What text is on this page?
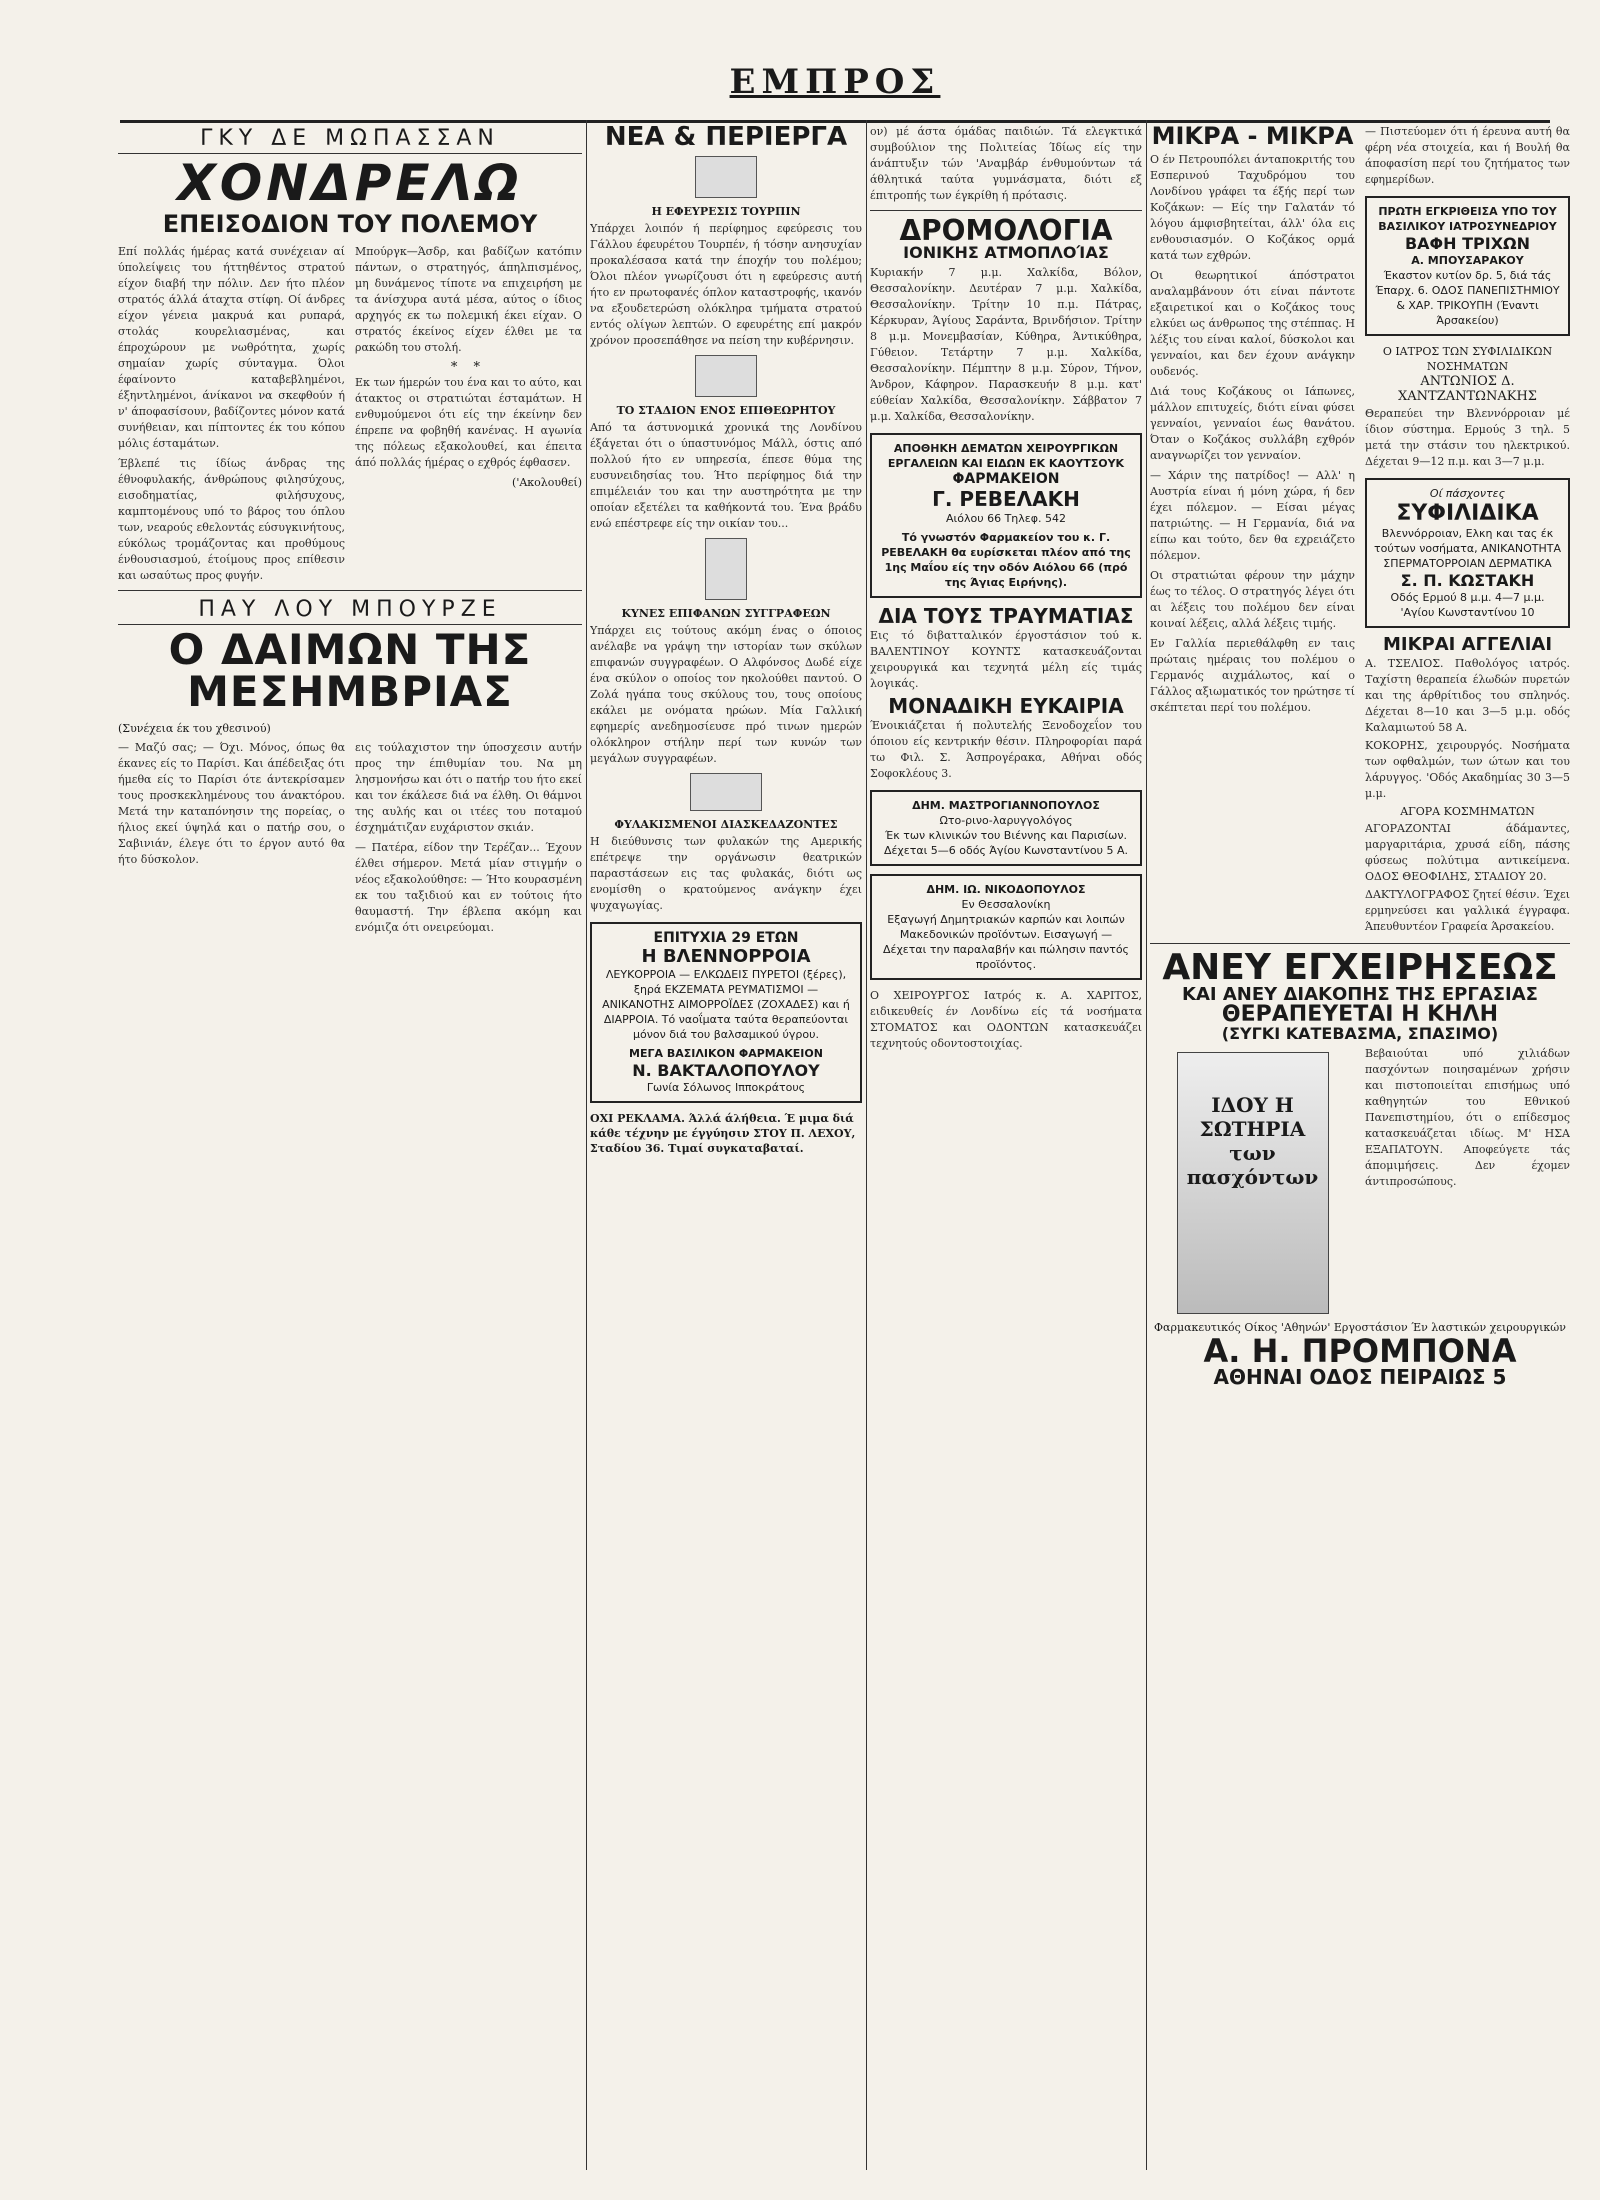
ΕΜΠΡΟΣ
ΓΚΥ ΔΕ ΜΩΠΑΣΣΑΝ
ΧΟΝΔΡΕΛΩ
ΕΠΕΙΣΟΔΙΟΝ ΤΟΥ ΠΟΛΕΜΟΥ

Επί πολλάς ήμέρας κατά συνέχειαν αί ύπολείψεις του ήττηθέντος στρατού είχον διαβή την πόλιν. Δεν ήτο πλέον στρατός άλλά άταχτα στίφη. Οί άνδρες είχον γένεια μακρυά και ρυπαρά, στολάς κουρελιασμένας, και έπροχώρουν με νωθρότητα, χωρίς σημαίαν χωρίς σύνταγμα. Όλοι έφαίνοντο καταβεβλημένοι, έξηντλημένοι, άνίκανοι να σκεφθούν ή ν' άποφασίσουν, βαδίζοντες μόνον κατά συνήθειαν, και πίπτοντες έκ του κόπου μόλις έσταμάτων.

Έβλεπέ τις ίδίως άνδρας της έθνοφυλακής, άνθρώπους φιλησύχους, εισοδηματίας, φιλήσυχους, καμπτομένους υπό το βάρος του όπλου των, νεαρούς εθελοντάς εύσυγκινήτους, εύκόλως τρομάζοντας και προθύμους ένθουσιασμού, έτοίμους προς επίθεσιν και ωσαύτως προς φυγήν.

Μπούργκ—Άσδρ, και βαδίζων κατόπιν πάντων, ο στρατηγός, άπηλπισμένος, μη δυνάμενος τίποτε να επιχειρήση με τα άνίσχυρα αυτά μέσα, αύτος ο ίδιος αρχηγός εκ τω πολεμική έκει είχαν. Ο στρατός έκείνος είχεν έλθει με τα ρακώδη του στολή.

* *

Εκ των ήμερών του ένα και το αύτο, και άτακτος οι στρατιώται έσταμάτων. Η ενθυμούμενοι ότι είς την έκείνην δεν έπρεπε να φοβηθή κανένας. Η αγωνία της πόλεως εξακολουθεί, και έπειτα άπό πολλάς ήμέρας ο εχθρός έφθασεν.

('Ακολουθεί)

ΠΑΥ ΛΟΥ ΜΠΟΥΡΖΕ
Ο ΔΑΙΜΩΝ ΤΗΣ ΜΕΣΗΜΒΡΙΑΣ

(Συνέχεια έκ του χθεσινού)

— Μαζύ σας; — Όχι. Μόνος, όπως θα έκανες είς το Παρίσι. Και άπέδειξας ότι ήμεθα είς το Παρίσι ότε άντεκρίσαμεν τους προσκεκλημένους του άνακτόρου. Μετά την καταπόνησιν της πορείας, ο ήλιος εκεί ύψηλά και ο πατήρ σου, ο Σαβινιάν, έλεγε ότι το έργον αυτό θα ήτο δύσκολον.

εις τούλαχιστον την ύποσχεσιν αυτήν προς την έπιθυμίαν του. Να μη λησμονήσω και ότι ο πατήρ του ήτο εκεί και τον έκάλεσε διά να έλθη. Οι θάμνοι της αυλής και οι ιτέες του ποταμού έσχημάτιζαν ευχάριστον σκιάν.

— Πατέρα, είδον την Τερέζαν... Έχουν έλθει σήμερον. Μετά μίαν στιγμήν ο νέος εξακολούθησε: — Ήτο κουρασμένη εκ του ταξιδιού και εν τούτοις ήτο θαυμαστή. Την έβλεπα ακόμη και ενόμιζα ότι ονειρεύομαι.

ΝΕΑ & ΠΕΡΙΕΡΓΑ
Η ΕΦΕΥΡΕΣΙΣ ΤΟΥΡΠΙΝ

Υπάρχει λοιπόν ή περίφημος εφεύρεσις του Γάλλου έφευρέτου Τουρπέν, ή τόσην ανησυχίαν προκαλέσασα κατά την έποχήν του πολέμου; Όλοι πλέον γνωρίζουσι ότι η εφεύρεσις αυτή ήτο εν πρωτοφανές όπλον καταστροφής, ικανόν να εξουδετερώση ολόκληρα τμήματα στρατού εντός ολίγων λεπτών. Ο εφευρέτης επί μακρόν χρόνον προσεπάθησε να πείση την κυβέρνησιν.

ΤΟ ΣΤΑΔΙΟΝ ΕΝΟΣ ΕΠΙΘΕΩΡΗΤΟΥ

Από τα άστυνομικά χρονικά της Λονδίνου έξάγεται ότι ο ύπαστυνόμος Μάλλ, όστις από πολλού ήτο εν υπηρεσία, έπεσε θύμα της ευσυνειδησίας του. Ήτο περίφημος διά την επιμέλειάν του και την αυστηρότητα με την οποίαν εξετέλει τα καθήκοντά του. Ένα βράδυ ενώ επέστρεφε είς την οικίαν του...

ΚΥΝΕΣ ΕΠΙΦΑΝΩΝ ΣΥΓΓΡΑΦΕΩΝ

Υπάρχει εις τούτους ακόμη ένας ο όποιος ανέλαβε να γράψη την ιστορίαν των σκύλων επιφανών συγγραφέων. Ο Αλφόνσος Δωδέ είχε ένα σκύλον ο οποίος τον ηκολούθει παντού. Ο Ζολά ηγάπα τους σκύλους του, τους οποίους εκάλει με ονόματα ηρώων. Μία Γαλλική εφημερίς ανεδημοσίευσε πρό τινων ημερών ολόκληρον στήλην περί των κυνών των μεγάλων συγγραφέων.

ΦΥΛΑΚΙΣΜΕΝΟΙ ΔΙΑΣΚΕΔΑΖΟΝΤΕΣ

Η διεύθυνσις των φυλακών της Αμερικής επέτρεψε την οργάνωσιν θεατρικών παραστάσεων εις τας φυλακάς, διότι ως ενομίσθη ο κρατούμενος ανάγκην έχει ψυχαγωγίας.

ΕΠΙΤΥΧΙΑ 29 ΕΤΩΝ
Η ΒΛΕΝΝΟΡΡΟΙΑ
ΛΕΥΚΟΡΡΟΙΑ — ΕΛΚΩΔΕΙΣ ΠΥΡΕΤΟΙ (ξέρες), ξηρά ΕΚΖΕΜΑΤΑ ΡΕΥΜΑΤΙΣΜΟΙ — ΑΝΙΚΑΝΟΤΗΣ ΑΙΜΟΡΡΟΪΔΕΣ (ΖΟΧΑΔΕΣ) και ή ΔΙΑΡΡΟΙΑ. Τό ναοΐματα ταύτα θεραπεύονται μόνον διά του βαλσαμικού ύγρου.
ΜΕΓΑ ΒΑΣΙΛΙΚΟΝ ΦΑΡΜΑΚΕΙΟΝ
Ν. ΒΑΚΤΑΛΟΠΟΥΛΟΥ
Γωνία Σόλωνος Ιπποκράτους

ΟΧΙ ΡΕΚΛΑΜΑ. Άλλά άλήθεια. Έ μιμα διά κάθε τέχνην με έγγύησιν ΣΤΟΥ Π. ΛΕΧΟΥ, Σταδίου 36. Τιμαί συγκαταβαταί.

ον) μέ άστα όμάδας παιδιών. Τά ελεγκτικά συμβούλιον της Πολιτείας Ίδίως είς την άνάπτυξιν τών 'Αναμβάρ ένθυμούντων τά άθλητικά ταύτα γυμνάσματα, διότι εξ έπιτροπής των έγκρίθη ή πρότασις.

ΔΡΟΜΟΛΟΓΙΑ
ΙΟΝΙΚΗΣ ΑΤΜΟΠΛΟΊΑΣ

Κυριακήν 7 μ.μ. Χαλκίδα, Βόλον, Θεσσαλονίκην. Δευτέραν 7 μ.μ. Χαλκίδα, Θεσσαλονίκην. Τρίτην 10 π.μ. Πάτρας, Κέρκυραν, Άγίους Σαράντα, Βρινδήσιον. Τρίτην 8 μ.μ. Μονεμβασίαν, Κύθηρα, Άντικύθηρα, Γύθειον. Τετάρτην 7 μ.μ. Χαλκίδα, Θεσσαλονίκην. Πέμπτην 8 μ.μ. Σύρον, Τήνον, Άνδρον, Κάφηρον. Παρασκευήν 8 μ.μ. κατ' εύθείαν Χαλκίδα, Θεσσαλονίκην. Σάββατον 7 μ.μ. Χαλκίδα, Θεσσαλονίκην.

ΑΠΟΘΗΚΗ ΔΕΜΑΤΩΝ ΧΕΙΡΟΥΡΓΙΚΩΝ ΕΡΓΑΛΕΙΩΝ ΚΑΙ ΕΙΔΩΝ ΕΚ ΚΑΟΥΤΣΟΥΚ
ΦΑΡΜΑΚΕΙΟΝ
Γ. ΡΕΒΕΛΑΚΗ
Αιόλου 66 Τηλεφ. 542
Τό γνωστόν Φαρμακείον του κ. Γ. ΡΕΒΕΛΑΚΗ θα ευρίσκεται πλέον από της 1ης Μαΐου είς την οδόν Αιόλου 66 (πρό της Άγιας Ειρήνης).
ΔΙΑ ΤΟΥΣ ΤΡΑΥΜΑΤΙΑΣ

Εις τό διβατταλικόν έργοστάσιον τού κ. ΒΑΛΕΝΤΙΝΟΥ ΚΟΥΝΤΣ κατασκευάζονται χειρουργικά και τεχνητά μέλη είς τιμάς λογικάς.

ΜΟΝΑΔΙΚΗ ΕΥΚΑΙΡΙΑ

Ένοικιάζεται ή πολυτελής Ξενοδοχεΐον του όποιου είς κεντρικήν θέσιν. Πληροφορίαι παρά τω Φιλ. Σ. Άσπρογέρακα, Αθήναι οδός Σοφοκλέους 3.

ΔΗΜ. ΜΑΣΤΡΟΓΙΑΝΝΟΠΟΥΛΟΣ
Ωτο-ρινο-λαρυγγολόγος
Έκ των κλινικών του Βιέννης και Παρισίων. Δέχεται 5—6 οδός Άγίου Κωνσταντίνου 5 Α.
ΔΗΜ. ΙΩ. ΝΙΚΟΔΟΠΟΥΛΟΣ
Εν Θεσσαλονίκη
Εξαγωγή Δημητριακών καρπών και λοιπών Μακεδονικών προϊόντων. Εισαγωγή — Δέχεται την παραλαβήν και πώλησιν παντός προϊόντος.

Ο ΧΕΙΡΟΥΡΓΟΣ Ιατρός κ. Α. ΧΑΡΙΤΟΣ, ειδικευθείς έν Λονδίνω είς τά νοσήματα ΣΤΟΜΑΤΟΣ και ΟΔΟΝΤΩΝ κατασκευάζει τεχνητούς οδοντοστοιχίας.

ΜΙΚΡΑ - ΜΙΚΡΑ

Ο έν Πετρουπόλει άνταποκριτής του Εσπερινού Ταχυδρόμου του Λονδίνου γράφει τα έξής περί των Κοζάκων: — Είς την Γαλατάν τό λόγου άμφισβητείται, άλλ' όλα εις ενθουσιασμόν. Ο Κοζάκος ορμά κατά των εχθρών.

Οι θεωρητικοί άπόστρατοι αναλαμβάνουν ότι είναι πάντοτε εξαιρετικοί και ο Κοζάκος τους ελκύει ως άνθρωπος της στέππας. Η λέξις του είναι καλοί, δύσκολοι και γενναίοι, και δεν έχουν ανάγκην ουδενός.

Διά τους Κοζάκους οι Ιάπωνες, μάλλον επιτυχείς, διότι είναι φύσει γενναίοι, γενναίοι έως θανάτου. Όταν ο Κοζάκος συλλάβη εχθρόν αναγνωρίζει τον γενναίον.

— Χάριν της πατρίδος! — Αλλ' η Αυστρία είναι ή μόνη χώρα, ή δεν έχει πόλεμον. — Είσαι μέγας πατριώτης. — Η Γερμανία, διά να είπω και τούτο, δεν θα εχρειάζετο πόλεμον.

Οι στρατιώται φέρουν την μάχην έως το τέλος. Ο στρατηγός λέγει ότι αι λέξεις του πολέμου δεν είναι κοιναί λέξεις, αλλά λέξεις τιμής.

Εν Γαλλία περιεθάλφθη εν ταις πρώταις ημέραις του πολέμου ο Γερμανός αιχμάλωτος, καί ο Γάλλος αξιωματικός τον ηρώτησε τί σκέπτεται περί του πολέμου.

— Πιστεύομεν ότι ή έρευνα αυτή θα φέρη νέα στοιχεία, και ή Βουλή θα άποφασίση περί του ζητήματος των εφημερίδων.

ΠΡΩΤΗ ΕΓΚΡΙΘΕΙΣΑ ΥΠΟ ΤΟΥ ΒΑΣΙΛΙΚΟΥ ΙΑΤΡΟΣΥΝΕΔΡΙΟΥ
ΒΑΦΗ ΤΡΙΧΩΝ
Α. ΜΠΟΥΣΑΡΑΚΟΥ
Έκαστον κυτίον δρ. 5, διά τάς Έπαρχ. 6. ΟΔΟΣ ΠΑΝΕΠΙΣΤΗΜΙΟΥ & ΧΑΡ. ΤΡΙΚΟΥΠΗ (Έναντι Άρσακείου)
Ο ΙΑΤΡΟΣ ΤΩΝ ΣΥΦΙΛΙΔΙΚΩΝ ΝΟΣΗΜΑΤΩΝ
ΑΝΤΩΝΙΟΣ Δ. ΧΑΝΤΖΑΝΤΩΝΑΚΗΣ

Θεραπεύει την Βλεννόρροιαν μέ ίδιον σύστημα. Ερμούς 3 τηλ. 5 μετά την στάσιν του ηλεκτρικού. Δέχεται 9—12 π.μ. και 3—7 μ.μ.

Οί πάσχοντες
ΣΥΦΙΛΙΔΙΚΑ
Βλεννόρροιαν, Ελκη και τας έκ τούτων νοσήματα, ΑΝΙΚΑΝΟΤΗΤΑ ΣΠΕΡΜΑΤΟΡΡΟΙΑΝ ΔΕΡΜΑΤΙΚΑ
Σ. Π. ΚΩΣΤΑΚΗ
Οδός Ερμού 8 μ.μ. 4—7 μ.μ. 'Αγίου Κωνσταντίνου 10
ΜΙΚΡΑΙ ΑΓΓΕΛΙΑΙ

Α. ΤΣΕΛΙΟΣ. Παθολόγος ιατρός. Ταχίστη θεραπεία έλωδών πυρετών και της άρθρίτιδος του σπληνός. Δέχεται 8—10 και 3—5 μ.μ. οδός Καλαμιωτού 58 Α.

ΚΟΚΟΡΗΣ, χειρουργός. Νοσήματα των οφθαλμών, των ώτων και του λάρυγγος. 'Οδός Ακαδημίας 30 3—5 μ.μ.

ΑΓΟΡΑ ΚΟΣΜΗΜΑΤΩΝ

ΑΓΟΡΑΖΟΝΤΑΙ άδάμαντες, μαργαριτάρια, χρυσά είδη, πάσης φύσεως πολύτιμα αντικείμενα. ΟΔΟΣ ΘΕΟΦΙΛΗΣ, ΣΤΑΔΙΟΥ 20.

ΔΑΚΤΥΛΟΓΡΑΦΟΣ ζητεί θέσιν. Έχει ερμηνεύσει και γαλλικά έγγραφα. Άπευθυντέον Γραφεία Άρσακείου.

ΑΝΕΥ ΕΓΧΕΙΡΗΣΕΩΣ
ΚΑΙ ΑΝΕΥ ΔΙΑΚΟΠΗΣ ΤΗΣ ΕΡΓΑΣΙΑΣ
ΘΕΡΑΠΕΥΕΤΑΙ Η ΚΗΛΗ
(ΣΥΓΚΙ ΚΑΤΕΒΑΣΜΑ, ΣΠΑΣΙΜΟ)
ΙΔΟΥ Η ΣΩΤΗΡΙΑ των πασχόντων

Βεβαιούται υπό χιλιάδων πασχόντων ποιησαμένων χρήσιν και πιστοποιείται επισήμως υπό καθηγητών του Εθνικού Πανεπιστημίου, ότι ο επίδεσμος κατασκευάζεται ιδίως. Μ' ΗΣΑ ΕΞΑΠΑΤΟΥΝ. Αποφεύγετε τάς άπομιμήσεις. Δεν έχομεν άντιπροσώπους.

Φαρμακευτικός Οίκος 'Αθηνών' Εργοστάσιον Έν λαστικών χειρουργικών
Α. Η. ΠΡΟΜΠΟΝΑ
ΑΘΗΝΑΙ ΟΔΟΣ ΠΕΙΡΑΙΩΣ 5
